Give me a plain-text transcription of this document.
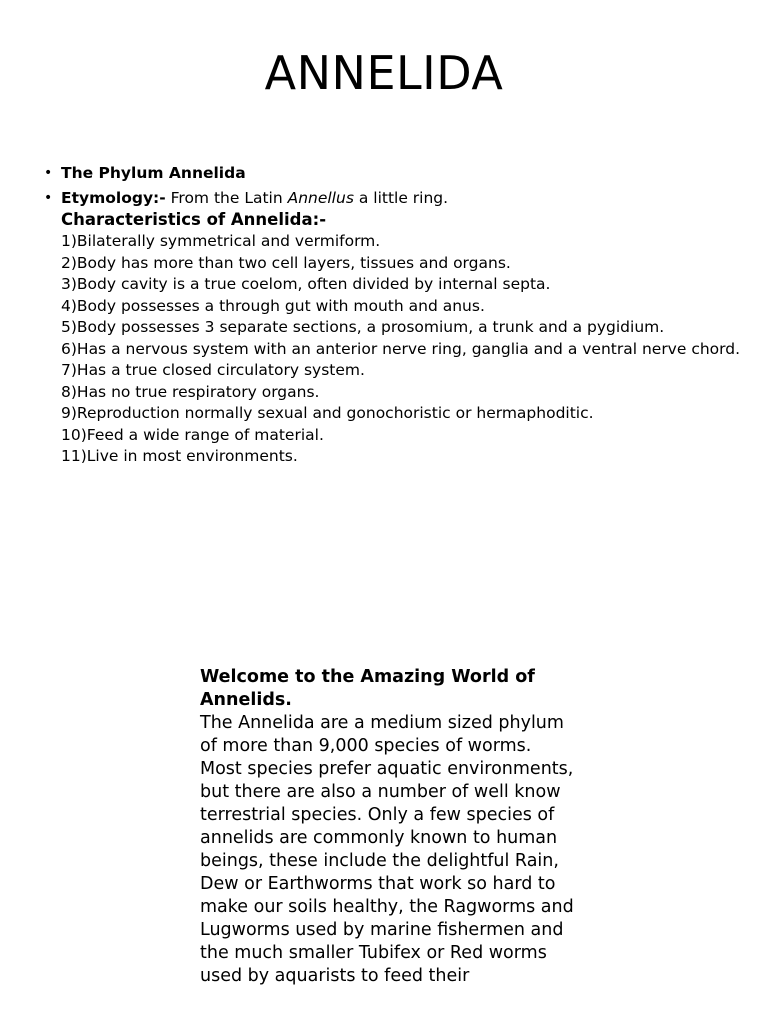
ANNELIDA
• The Phylum Annelida
• Etymology:- From the Latin Annellus a little ring.
Characteristics of Annelida:-
1)Bilaterally symmetrical and vermiform.
2)Body has more than two cell layers, tissues and organs.
3)Body cavity is a true coelom, often divided by internal septa.
4)Body possesses a through gut with mouth and anus.
5)Body possesses 3 separate sections, a prosomium, a trunk and a pygidium.
6)Has a nervous system with an anterior nerve ring, ganglia and a ventral nerve chord.
7)Has a true closed circulatory system.
8)Has no true respiratory organs.
9)Reproduction normally sexual and gonochoristic or hermaphoditic.
10)Feed a wide range of material.
11)Live in most environments.
Welcome to the Amazing World of Annelids.
The Annelida are a medium sized phylum of more than 9,000 species of worms. Most species prefer aquatic environments, but there are also a number of well know terrestrial species. Only a few species of annelids are commonly known to human beings, these include the delightful Rain, Dew or Earthworms that work so hard to make our soils healthy, the Ragworms and Lugworms used by marine fishermen and the much smaller Tubifex or Red worms used by aquarists to feed their
